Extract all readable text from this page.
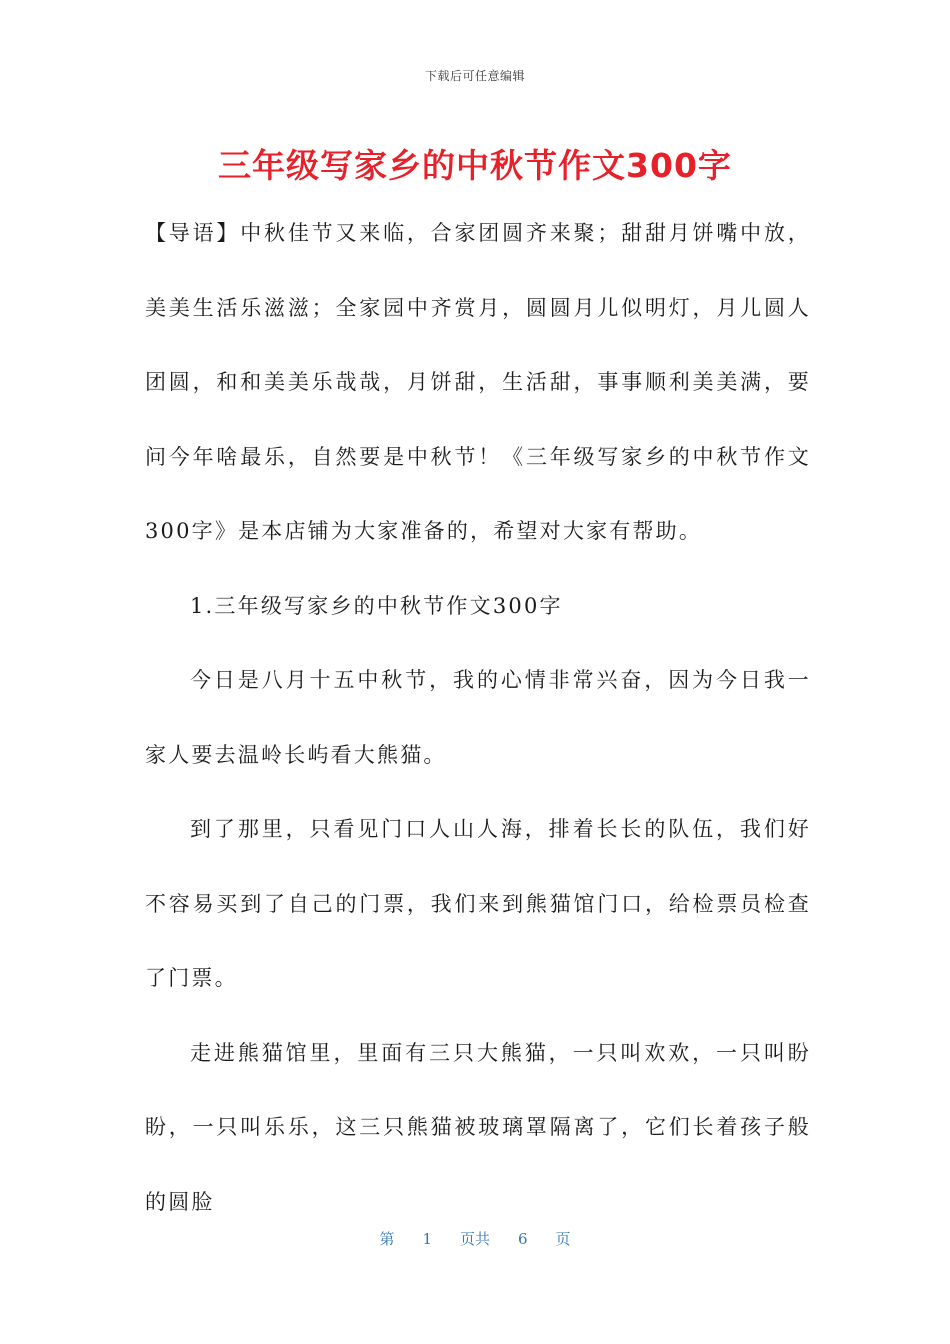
下载后可任意编辑
三年级写家乡的中秋节作文300字

【导语】中秋佳节又来临，合家团圆齐来聚；甜甜月饼嘴中放，美美生活乐滋滋；全家园中齐赏月，圆圆月儿似明灯，月儿圆人团圆，和和美美乐哉哉，月饼甜，生活甜，事事顺利美美满，要问今年啥最乐，自然要是中秋节！《三年级写家乡的中秋节作文300字》是本店铺为大家准备的，希望对大家有帮助。

1.三年级写家乡的中秋节作文300字

今日是八月十五中秋节，我的心情非常兴奋，因为今日我一家人要去温岭长屿看大熊猫。

到了那里，只看见门口人山人海，排着长长的队伍，我们好不容易买到了自己的门票，我们来到熊猫馆门口，给检票员检查了门票。

走进熊猫馆里，里面有三只大熊猫，一只叫欢欢，一只叫盼盼，一只叫乐乐，这三只熊猫被玻璃罩隔离了，它们长着孩子般的圆脸

第 1 页共 6 页
